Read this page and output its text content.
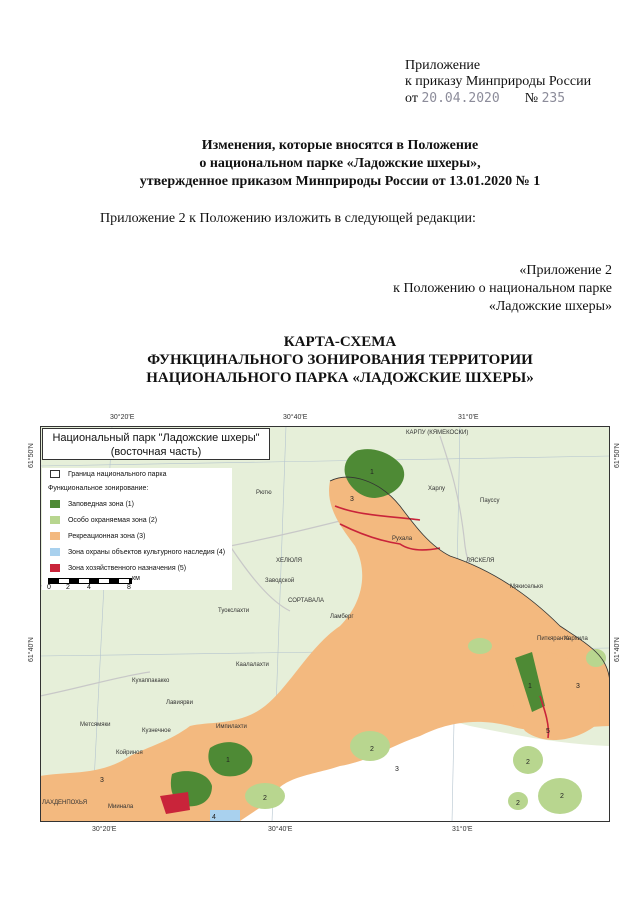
Приложение
к приказу Минприроды России
от 20.04.2020 № 235
Изменения, которые вносятся в Положение
о национальном парке «Ладожские шхеры»,
утвержденное приказом Минприроды России от 13.01.2020 № 1
Приложение 2 к Положению изложить в следующей редакции:
«Приложение 2
к Положению о национальном парке
«Ладожские шхеры»
КАРТА-СХЕМА
ФУНКЦИНАЛЬНОГО ЗОНИРОВАНИЯ ТЕРРИТОРИИ
НАЦИОНАЛЬНОГО ПАРКА «ЛАДОЖСКИЕ ШХЕРЫ»
30°20'E	30°40'E	31°0'E
30°20'E	30°40'E	31°0'E
61°50'N
61°40'N
61°50'N
61°40'N
1
1
1
2
2
2
2
2
3
3
3
3
4
5
КАРПУ (КЯМЕКОСКИ)
Рютю
Харлу
Пауссу
Питкяранта
ХЕЛЮЛЯ	ЛЯСКЕЛЯ
Заводской
СОРТАВАЛА
Туокслахти
Ламберг
Каалалахти
Кухаппакакко
Лавиярви
Импилахти
Кузнечное
Метсямяки
ЛАХДЕНПОХЬЯ
Миинала
Койриноя
Мякиселькя
Рухала
Хархила
Национальный парк "Ладожские шхеры"
(восточная часть)
Граница национального парка
Функциональное зонирование:
Заповедная зона (1)
Особо охраняемая зона (2)
Рекреационная зона (3)
Зона охраны объектов культурного наследия (4)
Зона хозяйственного назначения (5)
км
0 2 4	8
